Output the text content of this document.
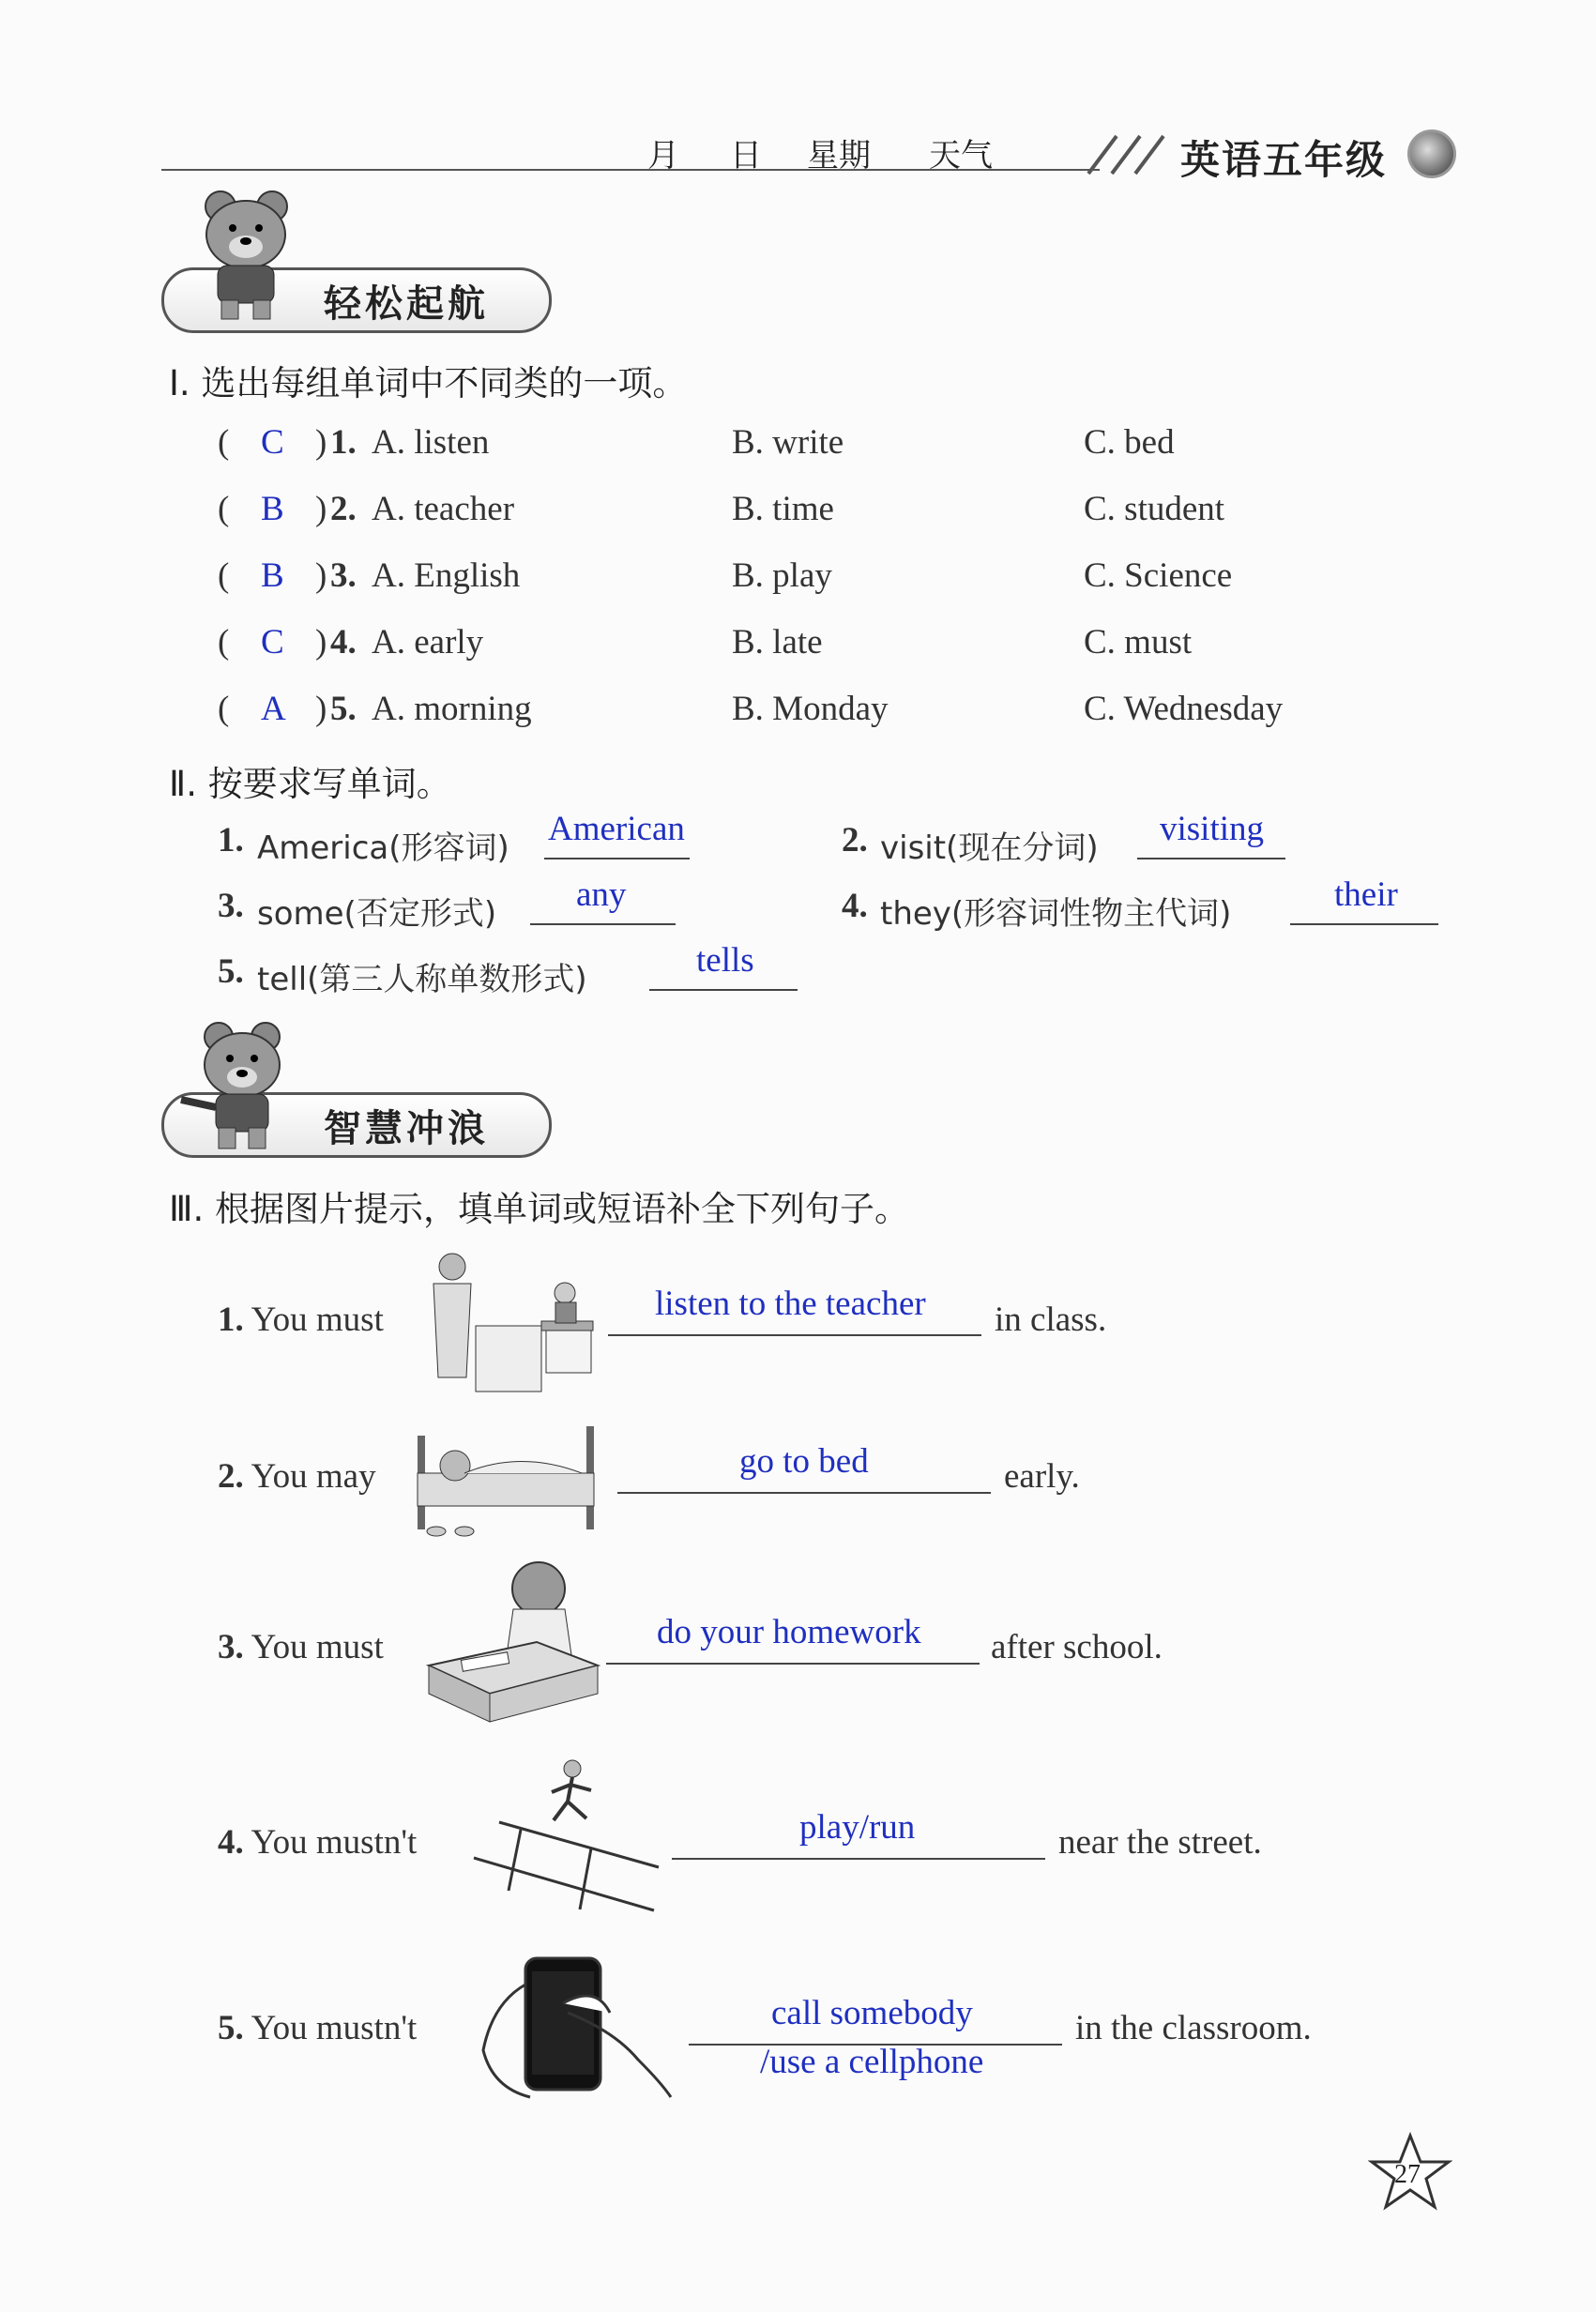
月 日 星期 天气	英语五年级
轻松起航
Ⅰ. 选出每组单词中不同类的一项。
( C ) 1. A. listen	B. write	C. bed
( B ) 2. A. teacher	B. time	C. student
( B ) 3. A. English	B. play	C. Science
( C ) 4. A. early	B. late	C. must
( A ) 5. A. morning	B. Monday	C. Wednesday
Ⅱ. 按要求写单词。
1. America(形容词) American	2. visit(现在分词) visiting
3. some(否定形式) any	4. they(形容词性物主代词)	their
5. tell(第三人称单数形式)	tells
智慧冲浪
Ⅲ. 根据图片提示，填单词或短语补全下列句子。
1. You must	listen to the teacher in class.
2. You may	go to bed	early.
3. You must	do your homework after school.
4. You mustn't	play/run	near the street.
5. You mustn't	call somebody
/use a cellphone
in the classroom.
27
